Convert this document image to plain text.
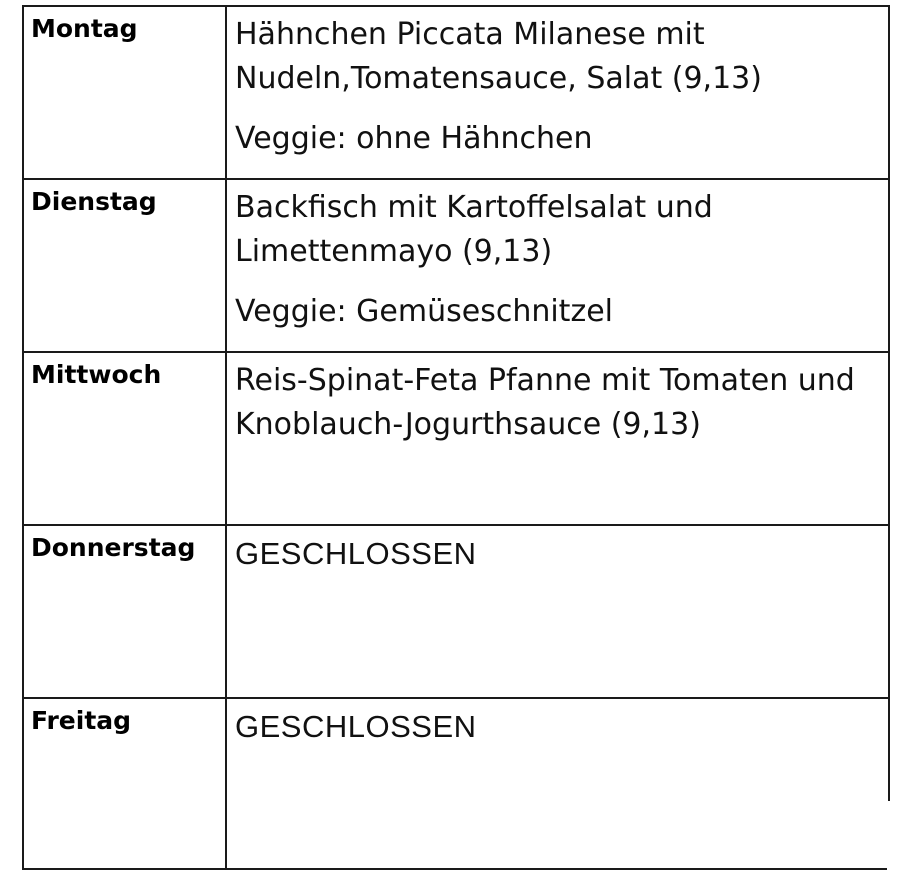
Montag	Hähnchen Piccata Milanese mit Nudeln,Tomatensauce, Salat (9,13)

Veggie: ohne Hähnchen

Dienstag	Backfisch mit Kartoffelsalat und Limettenmayo (9,13)

Veggie: Gemüseschnitzel

Mittwoch	Reis-Spinat-Feta Pfanne mit Tomaten und Knoblauch-Jogurthsauce (9,13)

Donnerstag	GESCHLOSSEN

Freitag	GESCHLOSSEN
